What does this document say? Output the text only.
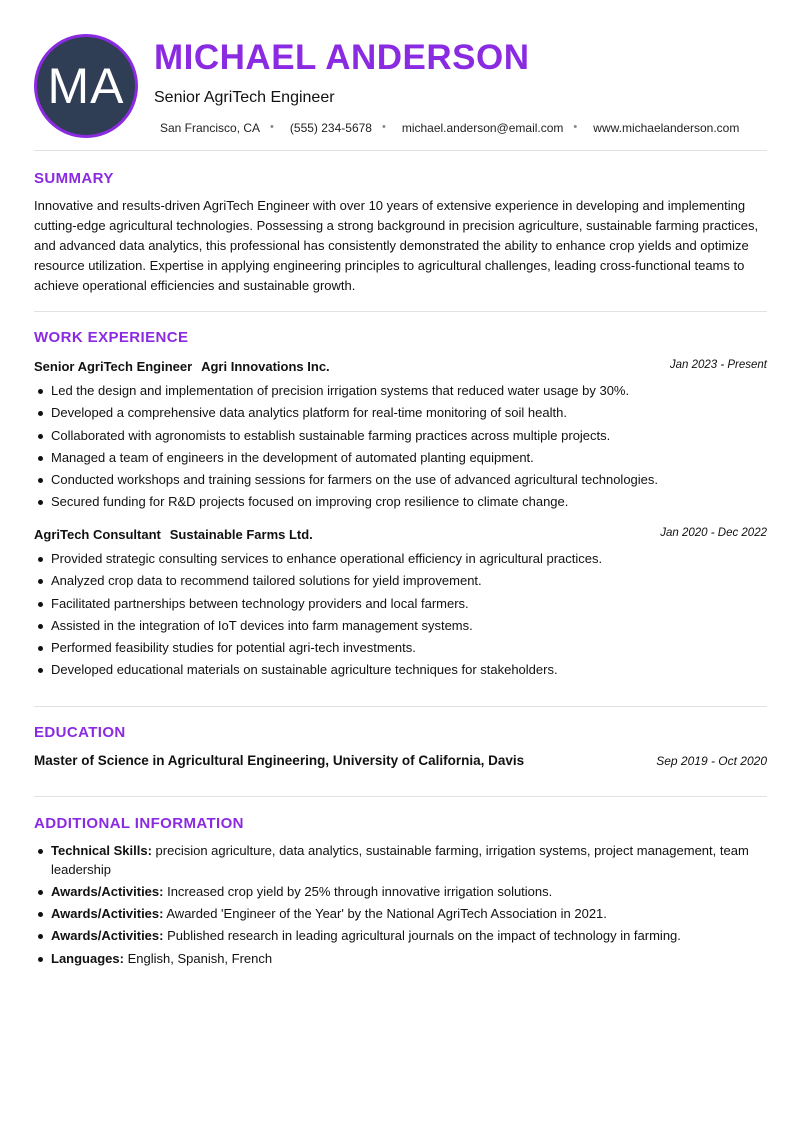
MA
MICHAEL ANDERSON
Senior AgriTech Engineer
San Francisco, CA • (555) 234-5678 • michael.anderson@email.com • www.michaelanderson.com
SUMMARY
Innovative and results-driven AgriTech Engineer with over 10 years of extensive experience in developing and implementing cutting-edge agricultural technologies. Possessing a strong background in precision agriculture, sustainable farming practices, and advanced data analytics, this professional has consistently demonstrated the ability to enhance crop yields and optimize resource utilization. Expertise in applying engineering principles to agricultural challenges, leading cross-functional teams to achieve operational efficiencies and sustainable growth.
WORK EXPERIENCE
Senior AgriTech Engineer Agri Innovations Inc.	Jan 2023 - Present
Led the design and implementation of precision irrigation systems that reduced water usage by 30%.
Developed a comprehensive data analytics platform for real-time monitoring of soil health.
Collaborated with agronomists to establish sustainable farming practices across multiple projects.
Managed a team of engineers in the development of automated planting equipment.
Conducted workshops and training sessions for farmers on the use of advanced agricultural technologies.
Secured funding for R&D projects focused on improving crop resilience to climate change.
AgriTech Consultant Sustainable Farms Ltd.	Jan 2020 - Dec 2022
Provided strategic consulting services to enhance operational efficiency in agricultural practices.
Analyzed crop data to recommend tailored solutions for yield improvement.
Facilitated partnerships between technology providers and local farmers.
Assisted in the integration of IoT devices into farm management systems.
Performed feasibility studies for potential agri-tech investments.
Developed educational materials on sustainable agriculture techniques for stakeholders.
EDUCATION
Master of Science in Agricultural Engineering, University of California, Davis	Sep 2019 - Oct 2020
ADDITIONAL INFORMATION
Technical Skills: precision agriculture, data analytics, sustainable farming, irrigation systems, project management, team leadership
Awards/Activities: Increased crop yield by 25% through innovative irrigation solutions.
Awards/Activities: Awarded 'Engineer of the Year' by the National AgriTech Association in 2021.
Awards/Activities: Published research in leading agricultural journals on the impact of technology in farming.
Languages: English, Spanish, French
